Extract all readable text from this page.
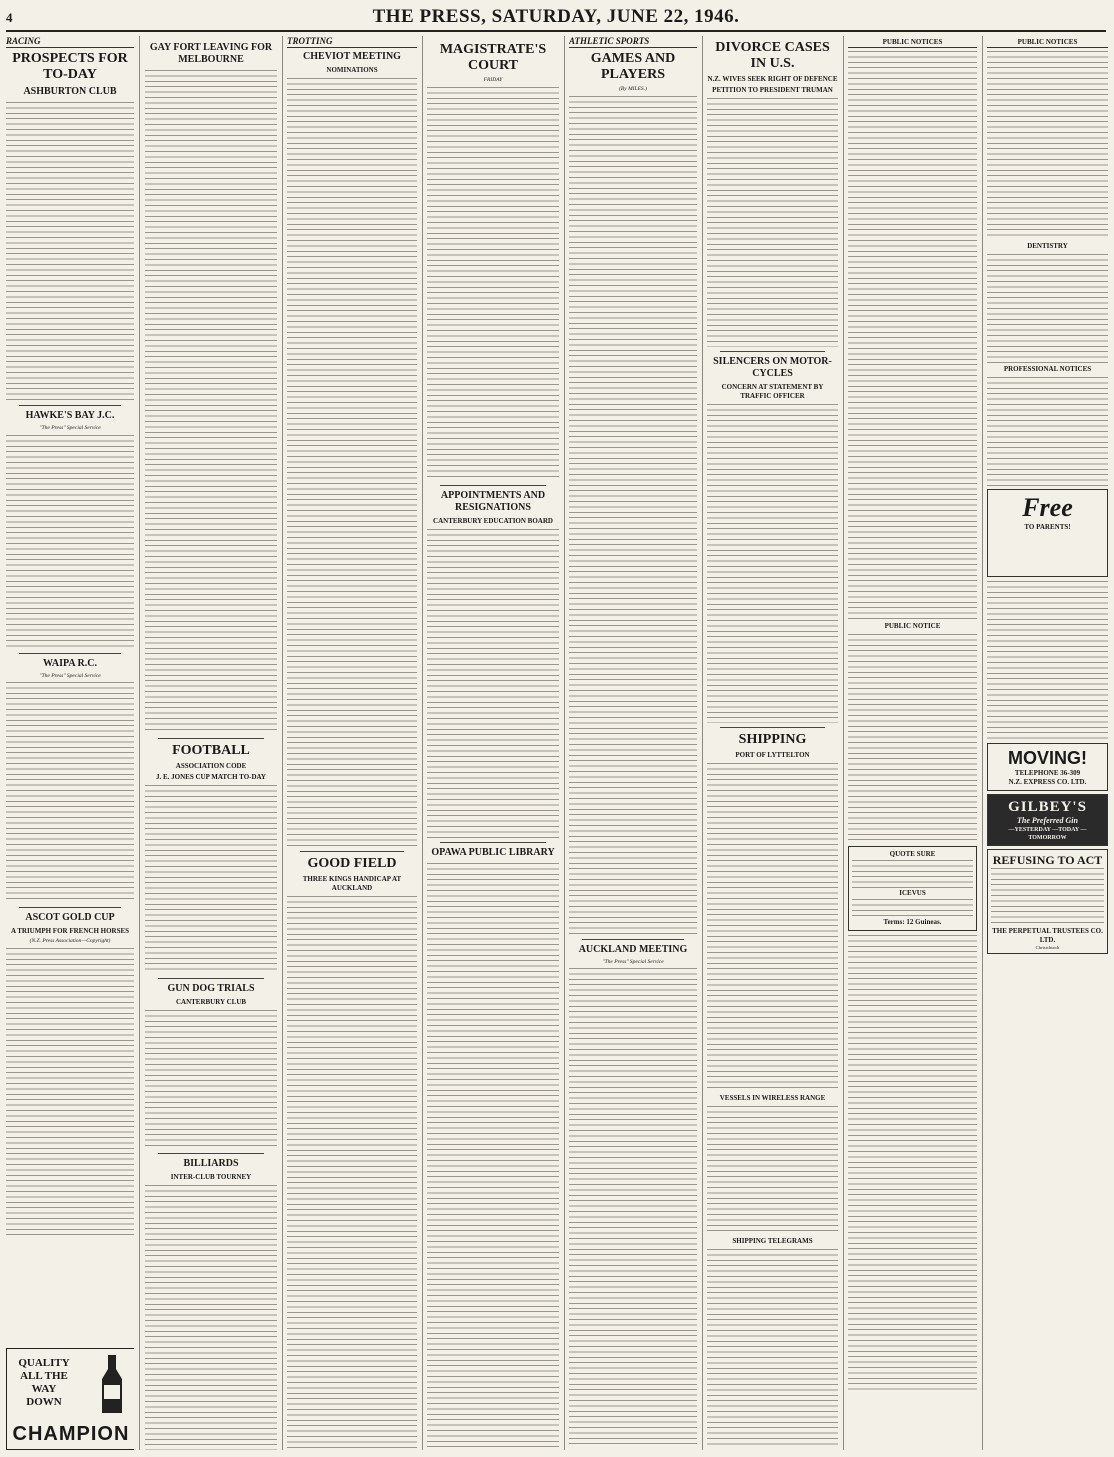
4	THE PRESS, SATURDAY, JUNE 22, 1946.
RACING
PROSPECTS FOR TO-DAY
ASHBURTON CLUB
HAWKE'S BAY J.C.
"The Press" Special Service
WAIPA R.C.
"The Press" Special Service
ASCOT GOLD CUP
A TRIUMPH FOR FRENCH HORSES
(N.Z. Press Association—Copyright)
QUALITY
ALL THE
WAY DOWN
CHAMPION
GAY FORT LEAVING FOR MELBOURNE
FOOTBALL
ASSOCIATION CODE
J. E. JONES CUP MATCH TO-DAY
GUN DOG TRIALS
CANTERBURY CLUB
BILLIARDS
INTER-CLUB TOURNEY
TROTTING
CHEVIOT MEETING
NOMINATIONS
GOOD FIELD
THREE KINGS HANDICAP AT AUCKLAND
MAGISTRATE'S COURT
FRIDAY
APPOINTMENTS AND RESIGNATIONS
CANTERBURY EDUCATION BOARD
OPAWA PUBLIC LIBRARY
ATHLETIC SPORTS
GAMES AND PLAYERS
(By MILES.)
AUCKLAND MEETING
"The Press" Special Service
DIVORCE CASES IN U.S.
N.Z. WIVES SEEK RIGHT OF DEFENCE
PETITION TO PRESIDENT TRUMAN
SILENCERS ON MOTOR-CYCLES
CONCERN AT STATEMENT BY TRAFFIC OFFICER
SHIPPING
PORT OF LYTTELTON
VESSELS IN WIRELESS RANGE
SHIPPING TELEGRAMS
PUBLIC NOTICES
PUBLIC NOTICE
QUOTE SURE
ICEVUS
Terms: 12 Guineas.
PUBLIC NOTICES
DENTISTRY
PROFESSIONAL NOTICES
Free
TO PARENTS!
MOVING!
TELEPHONE 36-309
N.Z. EXPRESS CO. LTD.
GILBEY'S
The Preferred Gin
—YESTERDAY —TODAY —TOMORROW
REFUSING TO ACT
THE PERPETUAL TRUSTEES CO. LTD.
Christchurch
